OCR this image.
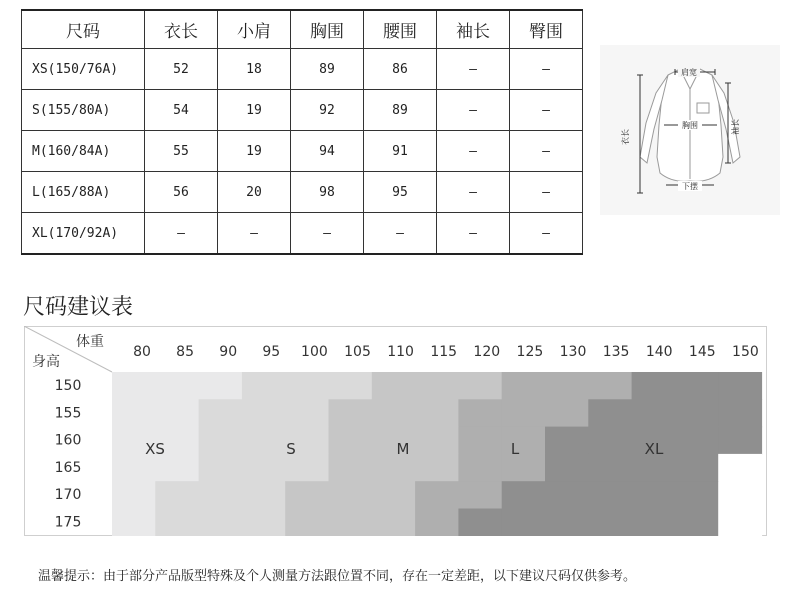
尺码	衣长	小肩	胸围	腰围	袖长	臀围
XS(150/76A)	52	18	89	86	–	–
S(155/80A)	54	19	92	89	–	–
M(160/84A)	55	19	94	91	–	–
L(165/88A)	56	20	98	95	–	–
XL(170/92A)	–	–	–	–	–	–
肩宽
胸围
衣长
袖长
下摆
尺码建议表
体重
身高
80 85 90 95 100 105 110 115 120 125 130 135 140 145 150
150
155
160
165
170
175
XS	S	M	L	XL
温馨提示：由于部分产品版型特殊及个人测量方法跟位置不同，存在一定差距，以下建议尺码仅供参考。
